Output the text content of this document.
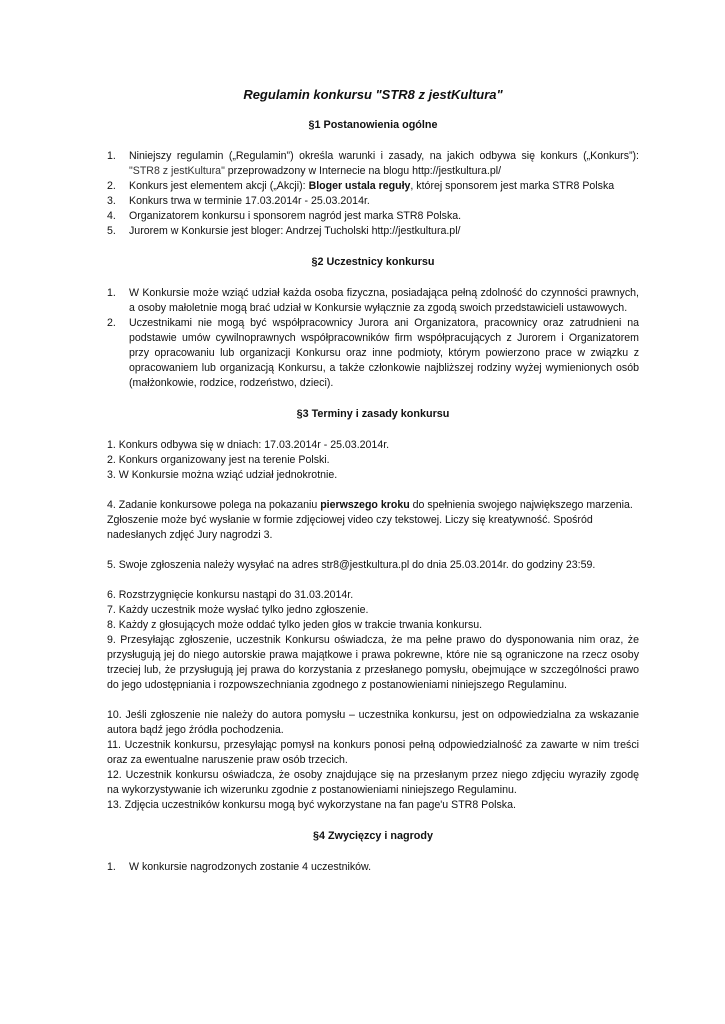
Regulamin konkursu "STR8 z jestKultura"
§1 Postanowienia ogólne
1. Niniejszy regulamin („Regulamin”) określa warunki i zasady, na jakich odbywa się konkurs („Konkurs”): "STR8 z jestKultura" przeprowadzony w Internecie na blogu http://jestkultura.pl/
2. Konkurs jest elementem akcji („Akcji): Bloger ustala reguły, której sponsorem jest marka STR8 Polska
3. Konkurs trwa w terminie 17.03.2014r - 25.03.2014r.
4. Organizatorem konkursu i sponsorem nagród jest marka STR8 Polska.
5. Jurorem w Konkursie jest bloger: Andrzej Tucholski http://jestkultura.pl/
§2 Uczestnicy konkursu
1. W Konkursie może wziąć udział każda osoba fizyczna, posiadająca pełną zdolność do czynności prawnych, a osoby małoletnie mogą brać udział w Konkursie wyłącznie za zgodą swoich przedstawicieli ustawowych.
2. Uczestnikami nie mogą być współpracownicy Jurora ani Organizatora, pracownicy oraz zatrudnieni na podstawie umów cywilnoprawnych współpracowników firm współpracujących z Jurorem i Organizatorem przy opracowaniu lub organizacji Konkursu oraz inne podmioty, którym powierzono prace w związku z opracowaniem lub organizacją Konkursu, a także członkowie najbliższej rodziny wyżej wymienionych osób (małżonkowie, rodzice, rodzeństwo, dzieci).
§3 Terminy i zasady konkursu

1. Konkurs odbywa się w dniach: 17.03.2014r - 25.03.2014r.

2. Konkurs organizowany jest na terenie Polski.

3. W Konkursie można wziąć udział jednokrotnie.

4. Zadanie konkursowe polega na pokazaniu pierwszego kroku do spełnienia swojego największego marzenia. Zgłoszenie może być wysłanie w formie zdjęciowej video czy tekstowej. Liczy się kreatywność. Spośród nadesłanych zdjęć Jury nagrodzi 3.

5. Swoje zgłoszenia należy wysyłać na adres str8@jestkultura.pl do dnia 25.03.2014r. do godziny 23:59.

6. Rozstrzygnięcie konkursu nastąpi do 31.03.2014r.

7. Każdy uczestnik może wysłać tylko jedno zgłoszenie.

8. Każdy z głosujących może oddać tylko jeden głos w trakcie trwania konkursu.

9. Przesyłając zgłoszenie, uczestnik Konkursu oświadcza, że ma pełne prawo do dysponowania nim oraz, że przysługują jej do niego autorskie prawa majątkowe i prawa pokrewne, które nie są ograniczone na rzecz osoby trzeciej lub, że przysługują jej prawa do korzystania z przesłanego pomysłu, obejmujące w szczególności prawo do jego udostępniania i rozpowszechniania zgodnego z postanowieniami niniejszego Regulaminu.

10. Jeśli zgłoszenie nie należy do autora pomysłu – uczestnika konkursu, jest on odpowiedzialna za wskazanie autora bądź jego źródła pochodzenia.

11. Uczestnik konkursu, przesyłając pomysł na konkurs ponosi pełną odpowiedzialność za zawarte w nim treści oraz za ewentualne naruszenie praw osób trzecich.

12. Uczestnik konkursu oświadcza, że osoby znajdujące się na przesłanym przez niego zdjęciu wyraziły zgodę na wykorzystywanie ich wizerunku zgodnie z postanowieniami niniejszego Regulaminu.

13. Zdjęcia uczestników konkursu mogą być wykorzystane na fan page'u STR8 Polska.

§4 Zwycięzcy i nagrody
1. W konkursie nagrodzonych zostanie 4 uczestników.
